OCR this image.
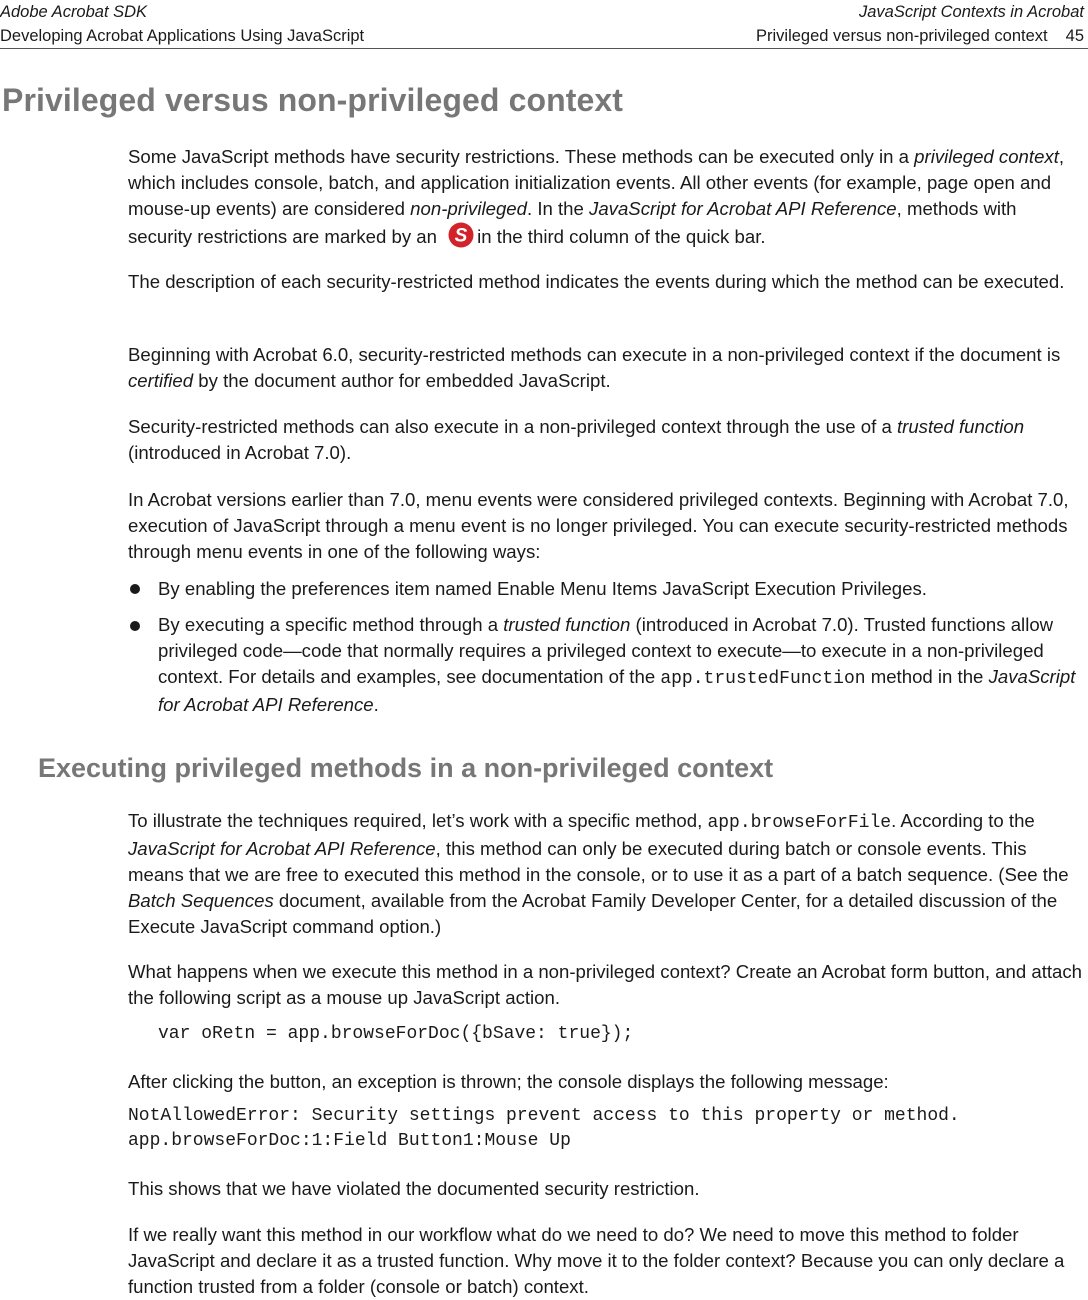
Adobe Acrobat SDK
Developing Acrobat Applications Using JavaScript
JavaScript Contexts in Acrobat
Privileged versus non-privileged context 45
Privileged versus non-privileged context

Some JavaScript methods have security restrictions. These methods can be executed only in a privileged context, which includes console, batch, and application initialization events. All other events (for example, page open and mouse-up events) are considered non-privileged. In the JavaScript for Acrobat API Reference, methods with security restrictions are marked by an S in the third column of the quick bar.

The description of each security-restricted method indicates the events during which the method can be executed.

Beginning with Acrobat 6.0, security-restricted methods can execute in a non-privileged context if the document is certified by the document author for embedded JavaScript.

Security-restricted methods can also execute in a non-privileged context through the use of a trusted function (introduced in Acrobat 7.0).

In Acrobat versions earlier than 7.0, menu events were considered privileged contexts. Beginning with Acrobat 7.0, execution of JavaScript through a menu event is no longer privileged. You can execute security-restricted methods through menu events in one of the following ways:

By enabling the preferences item named Enable Menu Items JavaScript Execution Privileges.

By executing a specific method through a trusted function (introduced in Acrobat 7.0). Trusted functions allow privileged code—code that normally requires a privileged context to execute—to execute in a non-privileged context. For details and examples, see documentation of the app.trustedFunction method in the JavaScript for Acrobat API Reference.

Executing privileged methods in a non-privileged context

To illustrate the techniques required, let’s work with a specific method, app.browseForFile. According to the JavaScript for Acrobat API Reference, this method can only be executed during batch or console events. This means that we are free to executed this method in the console, or to use it as a part of a batch sequence. (See the Batch Sequences document, available from the Acrobat Family Developer Center, for a detailed discussion of the Execute JavaScript command option.)

What happens when we execute this method in a non-privileged context? Create an Acrobat form button, and attach the following script as a mouse up JavaScript action.

var oRetn = app.browseForDoc({bSave: true});

After clicking the button, an exception is thrown; the console displays the following message:

NotAllowedError: Security settings prevent access to this property or method.
app.browseForDoc:1:Field Button1:Mouse Up

This shows that we have violated the documented security restriction.

If we really want this method in our workflow what do we need to do? We need to move this method to folder JavaScript and declare it as a trusted function. Why move it to the folder context? Because you can only declare a function trusted from a folder (console or batch) context.
